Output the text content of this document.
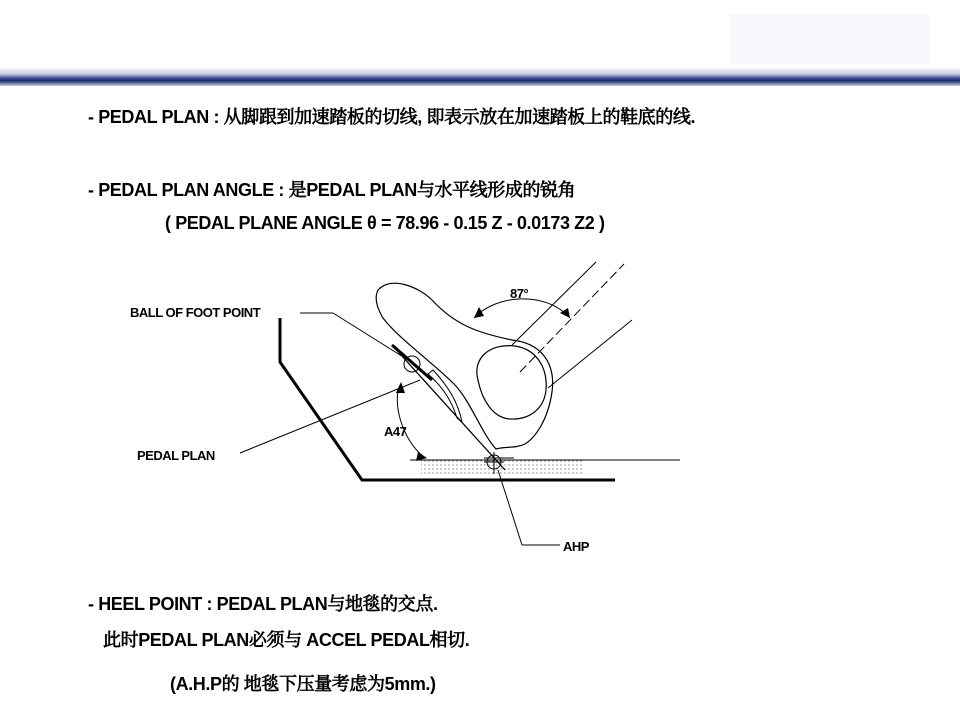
- PEDAL PLAN : 从脚跟到加速踏板的切线, 即表示放在加速踏板上的鞋底的线.
- PEDAL PLAN ANGLE : 是PEDAL PLAN与水平线形成的锐角
( PEDAL PLANE ANGLE θ = 78.96 - 0.15 Z - 0.0173 Z2 )
BALL OF FOOT POINT
PEDAL PLAN
87°
A47
AHP
- HEEL POINT : PEDAL PLAN与地毯的交点.
此时PEDAL PLAN必须与 ACCEL PEDAL相切.
(A.H.P的 地毯下压量考虑为5mm.)
